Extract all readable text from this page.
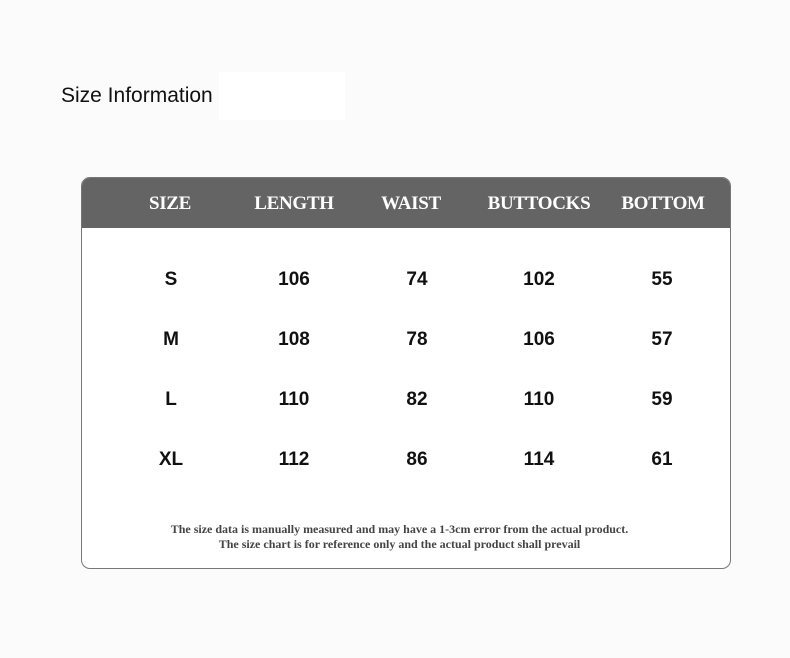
Size Information
SIZE	LENGTH WAIST BUTTOCKS BOTTOM
S	106	74	102	55
M	108	78	106	57
L	110	82	110	59
XL	112	86	114	61
The size data is manually measured and may have a 1-3cm error from the actual product.
The size chart is for reference only and the actual product shall prevail
